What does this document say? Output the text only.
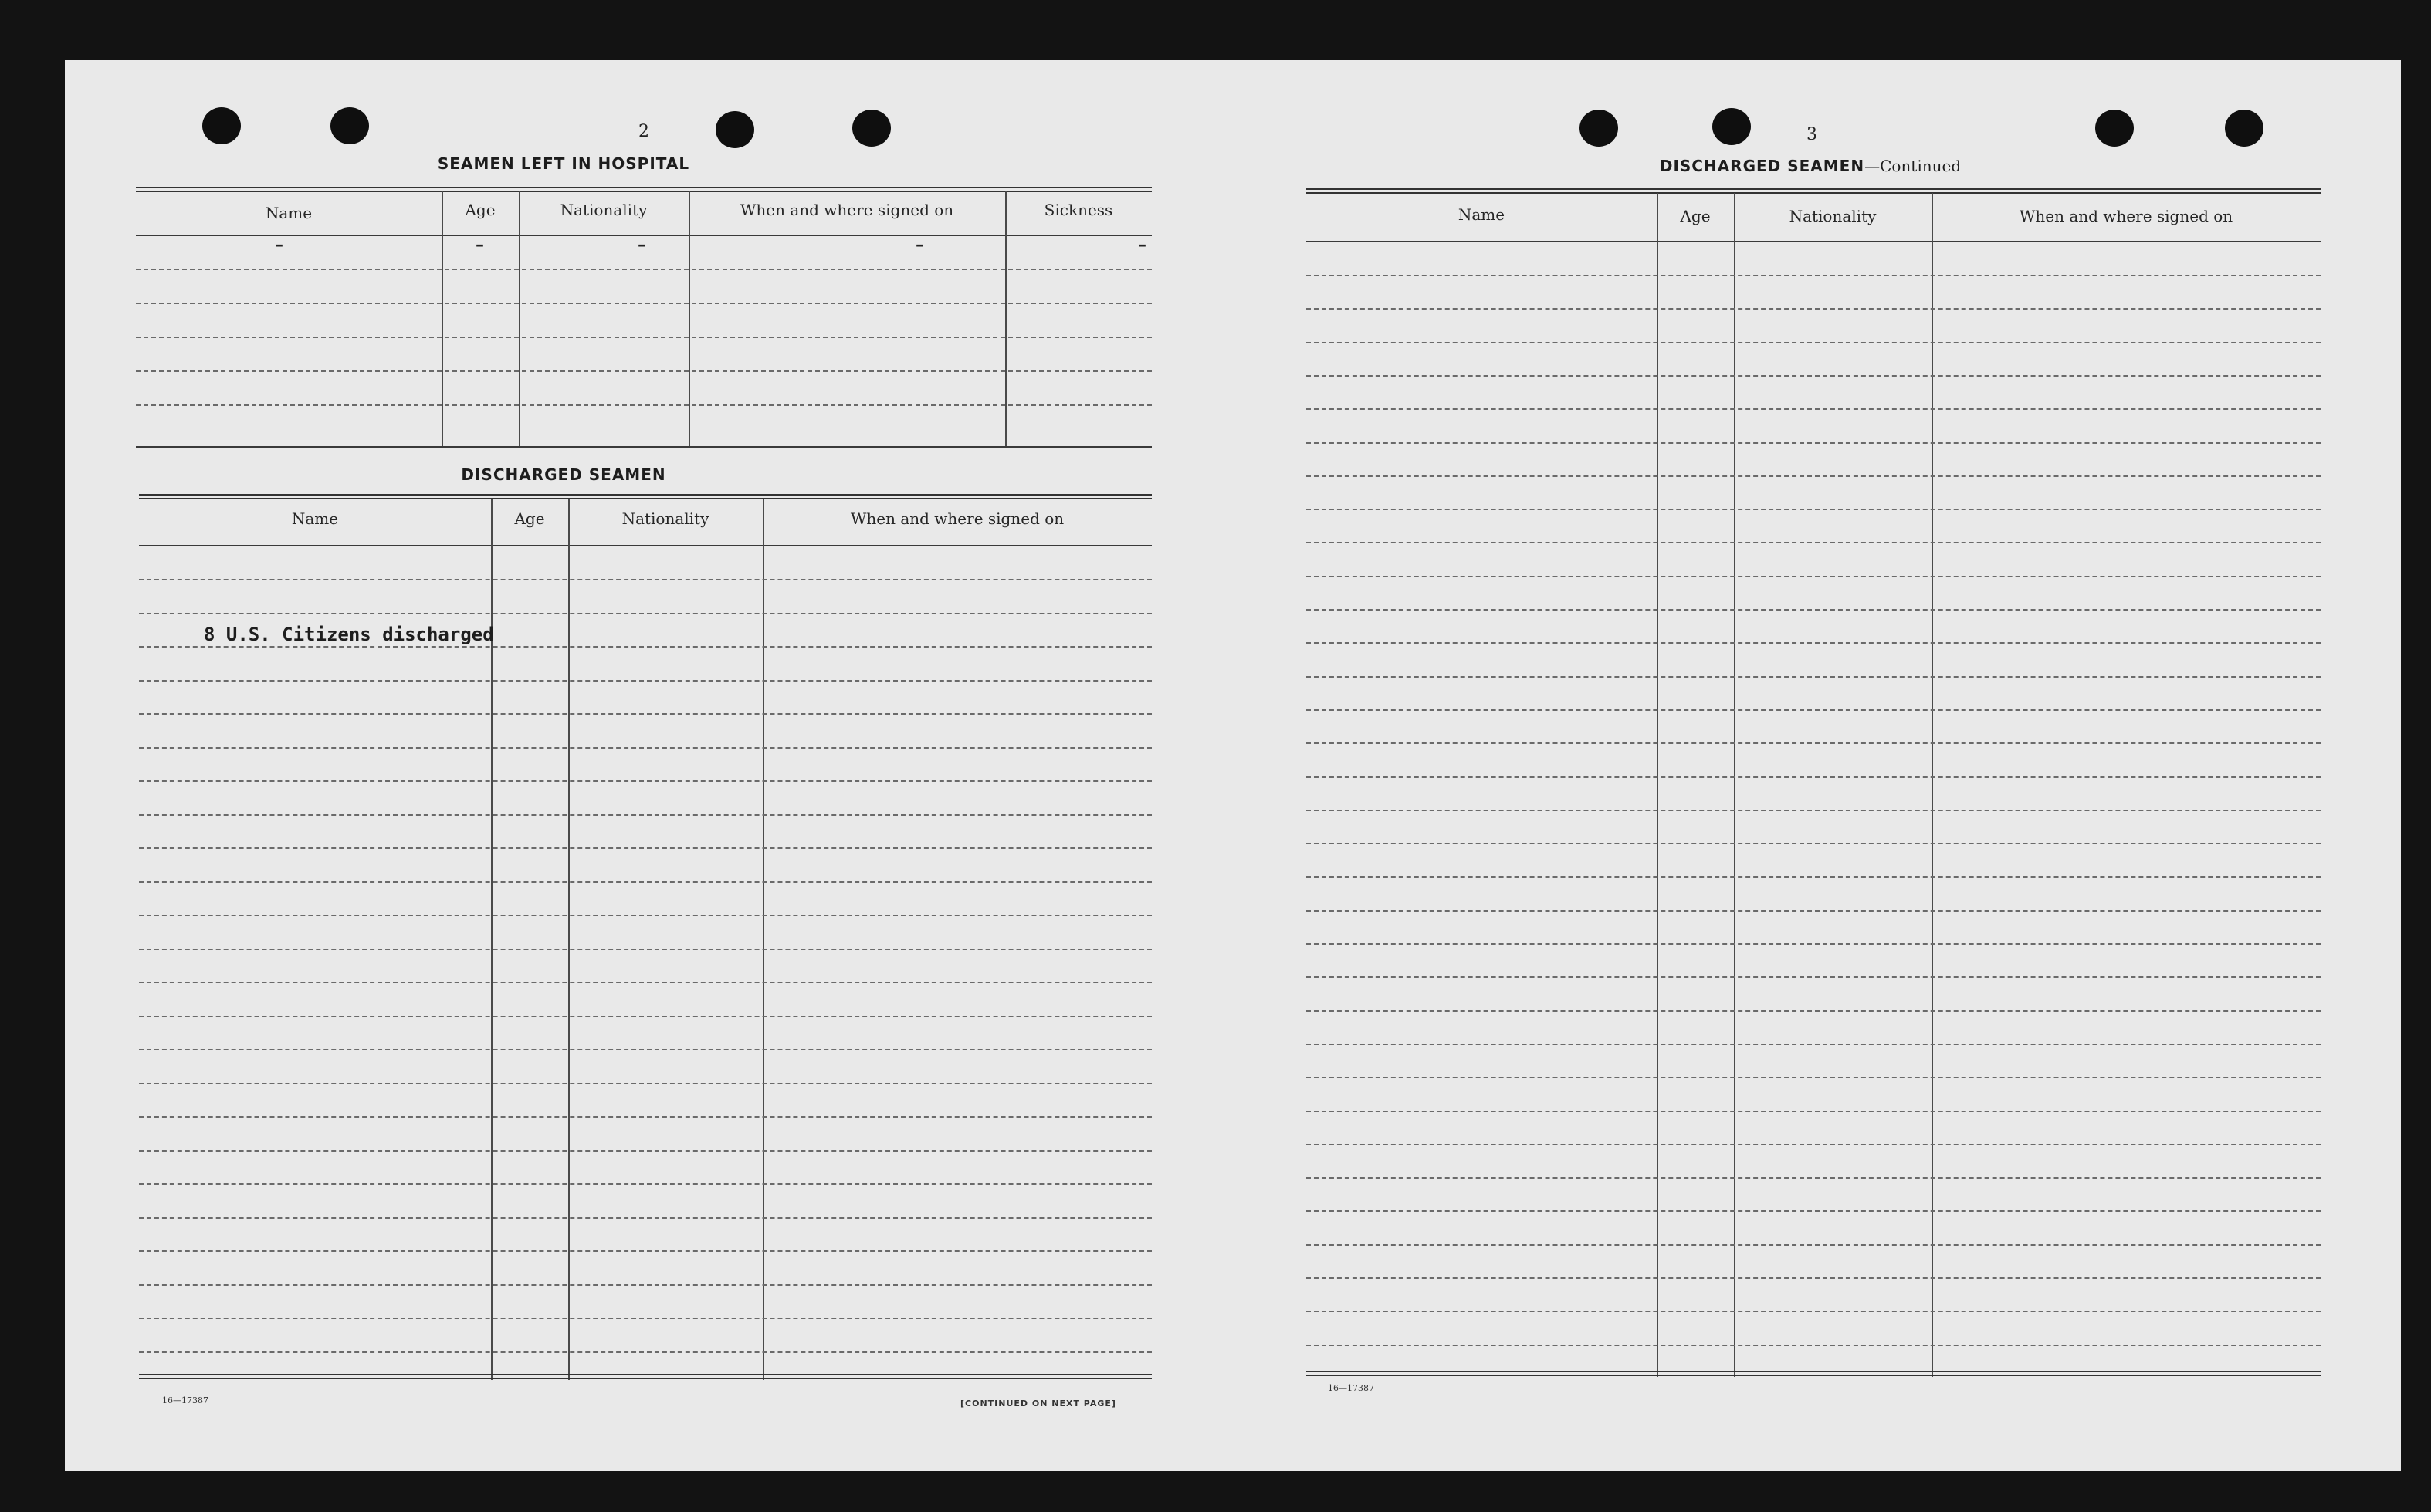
2
SEAMEN LEFT IN HOSPITAL
Name	Age	Nationality	When and where signed on	Sickness
–	–	–	–	–
DISCHARGED SEAMEN
Name	Age	Nationality	When and where signed on
8 U.S. Citizens discharged
16—17387	[CONTINUED ON NEXT PAGE]
3
DISCHARGED SEAMEN—Continued
Name	Age	Nationality	When and where signed on
16—17387
